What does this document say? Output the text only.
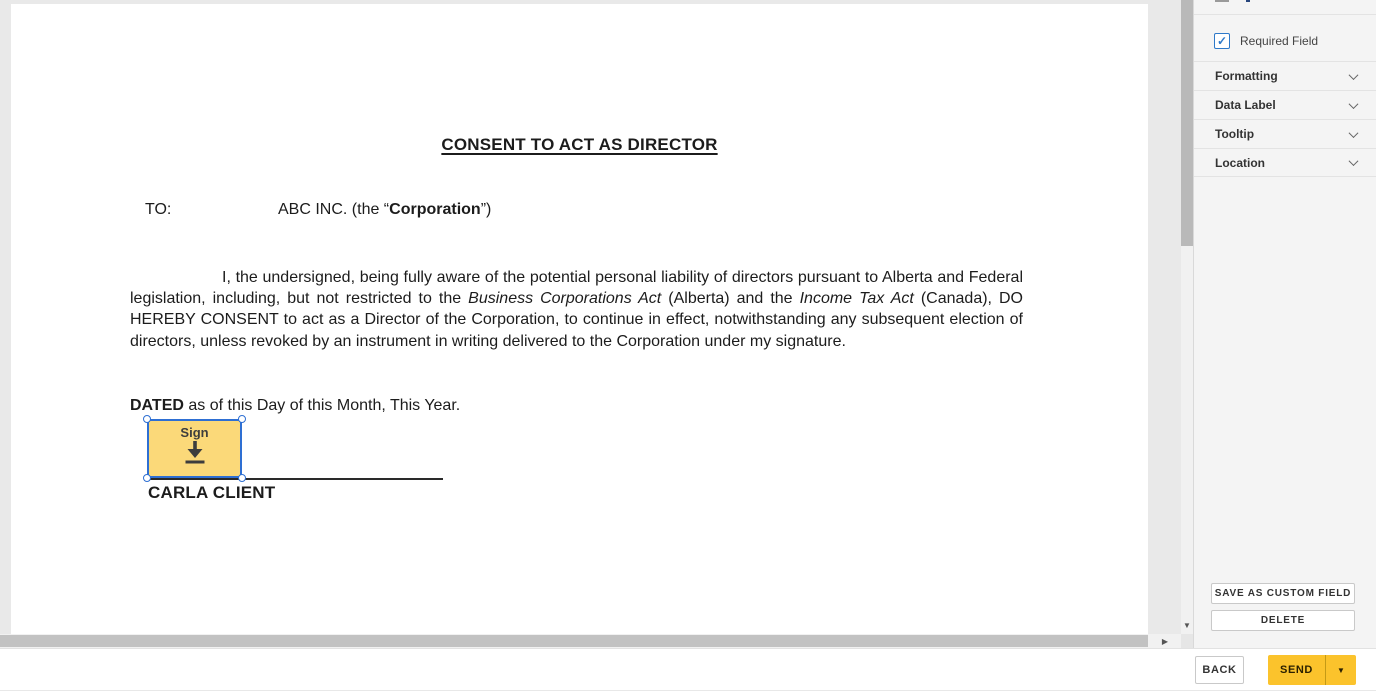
CONSENT TO ACT AS DIRECTOR
TO:	ABC INC. (the “Corporation”)

I, the undersigned, being fully aware of the potential personal liability of directors pursuant to Alberta and Federal legislation, including, but not restricted to the Business Corporations Act (Alberta) and the Income Tax Act (Canada), DO HEREBY CONSENT to act as a Director of the Corporation, to continue in effect, notwithstanding any subsequent election of directors, unless revoked by an instrument in writing delivered to the Corporation under my signature.

DATED as of this Day of this Month, This Year.
CARLA CLIENT
Sign
▼
▶
✓ Required Field
Formatting
Data Label
Tooltip
Location
SAVE AS CUSTOM FIELD
DELETE
BACK	SEND	▼
